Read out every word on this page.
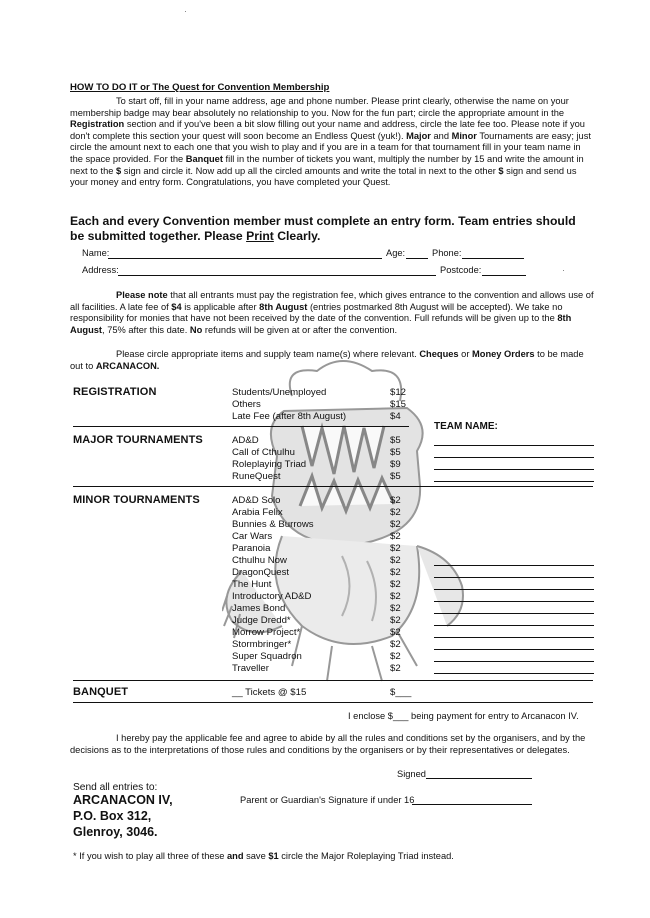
HOW TO DO IT or The Quest for Convention Membership
To start off, fill in your name address, age and phone number. Please print clearly, otherwise the name on your membership badge may bear absolutely no relationship to you. Now for the fun part; circle the appropriate amount in the Registration section and if you've been a bit slow filling out your name and address, circle the late fee too. Please note if you don't complete this section your quest will soon become an Endless Quest (yuk!). Major and Minor Tournaments are easy; just circle the amount next to each one that you wish to play and if you are in a team for that tournament fill in your team name in the space provided. For the Banquet fill in the number of tickets you want, multiply the number by 15 and write the amount in next to the $ sign and circle it. Now add up all the circled amounts and write the total in next to the other $ sign and send us your money and entry form. Congratulations, you have completed your Quest.
Each and every Convention member must complete an entry form. Team entries should
be submitted together. Please Print Clearly.
Name:	Age:	Phone:
Address:	Postcode:
Please note that all entrants must pay the registration fee, which gives entrance to the convention and allows use of all facilities. A late fee of $4 is applicable after 8th August (entries postmarked 8th August will be accepted). We take no responsibility for monies that have not been received by the date of the convention. Full refunds will be given up to the 8th August, 75% after this date. No refunds will be given at or after the convention.
Please circle appropriate items and supply team name(s) where relevant. Cheques or Money Orders to be made out to ARCANACON.
REGISTRATION	Students/Unemployed	$12
Others	$15
Late Fee (after 8th August)	$4
TEAM NAME:
MAJOR TOURNAMENTS	AD&D	$5
Call of Cthulhu	$5
Roleplaying Triad	$9
RuneQuest	$5
MINOR TOURNAMENTS	AD&D Solo	$2
Arabia Felix	$2
Bunnies & Burrows	$2
Car Wars	$2
Paranoia	$2
Cthulhu Now	$2
DragonQuest	$2
The Hunt	$2
Introductory AD&D	$2
James Bond	$2
Judge Dredd*	$2
Morrow Project*	$2
Stormbringer*	$2
Super Squadron	$2
Traveller	$2
BANQUET	__ Tickets @ $15	$___
I enclose $___ being payment for entry to Arcanacon IV.
I hereby pay the applicable fee and agree to abide by all the rules and conditions set by the organisers, and by the decisions as to the interpretations of those rules and conditions by the organisers or by their representatives or delegates.
Signed
Send all entries to:
ARCANACON IV,
P.O. Box 312,
Glenroy, 3046.
Parent or Guardian's Signature if under 16
* If you wish to play all three of these and save $1 circle the Major Roleplaying Triad instead.
